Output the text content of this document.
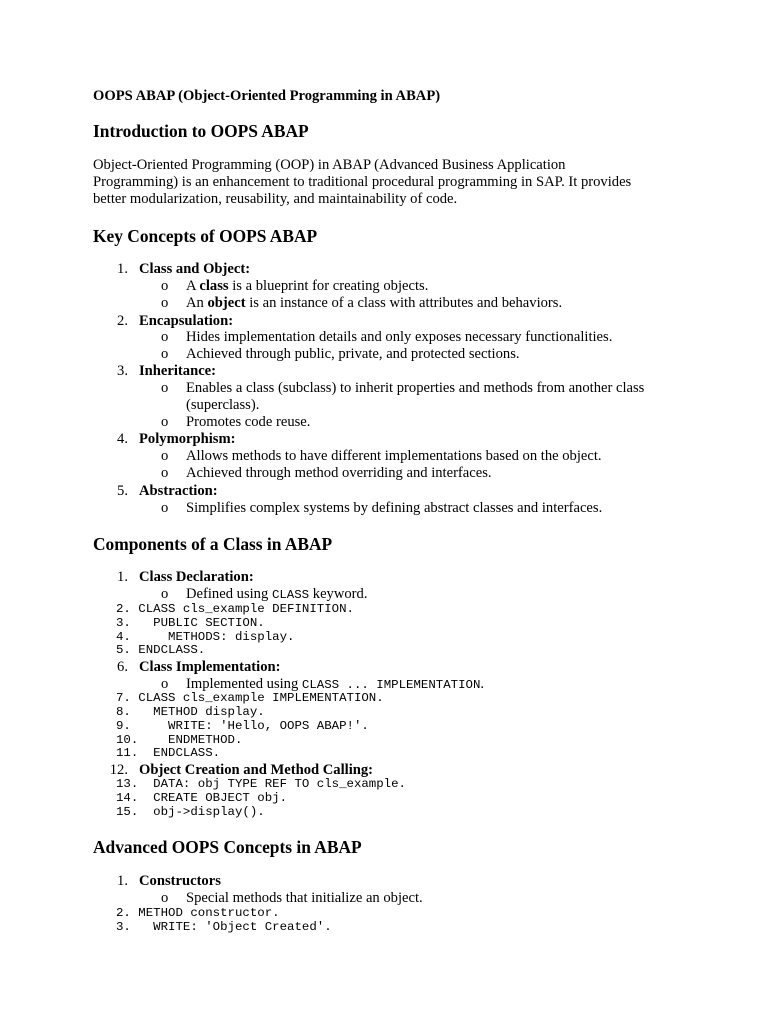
OOPS ABAP (Object-Oriented Programming in ABAP)
Introduction to OOPS ABAP
Object-Oriented Programming (OOP) in ABAP (Advanced Business Application
Programming) is an enhancement to traditional procedural programming in SAP. It provides
better modularization, reusability, and maintainability of code.
Key Concepts of OOPS ABAP
1. Class and Object:
o A class is a blueprint for creating objects.
o An object is an instance of a class with attributes and behaviors.
2. Encapsulation:
o Hides implementation details and only exposes necessary functionalities.
o Achieved through public, private, and protected sections.
3. Inheritance:
o Enables a class (subclass) to inherit properties and methods from another class
(superclass).
o Promotes code reuse.
4. Polymorphism:
o Allows methods to have different implementations based on the object.
o Achieved through method overriding and interfaces.
5. Abstraction:
o Simplifies complex systems by defining abstract classes and interfaces.
Components of a Class in ABAP
1. Class Declaration:
o Defined using CLASS keyword.
2. CLASS cls_example DEFINITION.
3.   PUBLIC SECTION.
4.     METHODS: display.
5. ENDCLASS.
6. Class Implementation:
o Implemented using CLASS ... IMPLEMENTATION.
7. CLASS cls_example IMPLEMENTATION.
8.   METHOD display.
9.     WRITE: 'Hello, OOPS ABAP!'.
10.    ENDMETHOD.
11.  ENDCLASS.
12. Object Creation and Method Calling:
13.  DATA: obj TYPE REF TO cls_example.
14.  CREATE OBJECT obj.
15.  obj->display().
Advanced OOPS Concepts in ABAP
1. Constructors
o Special methods that initialize an object.
2. METHOD constructor.
3.   WRITE: 'Object Created'.
